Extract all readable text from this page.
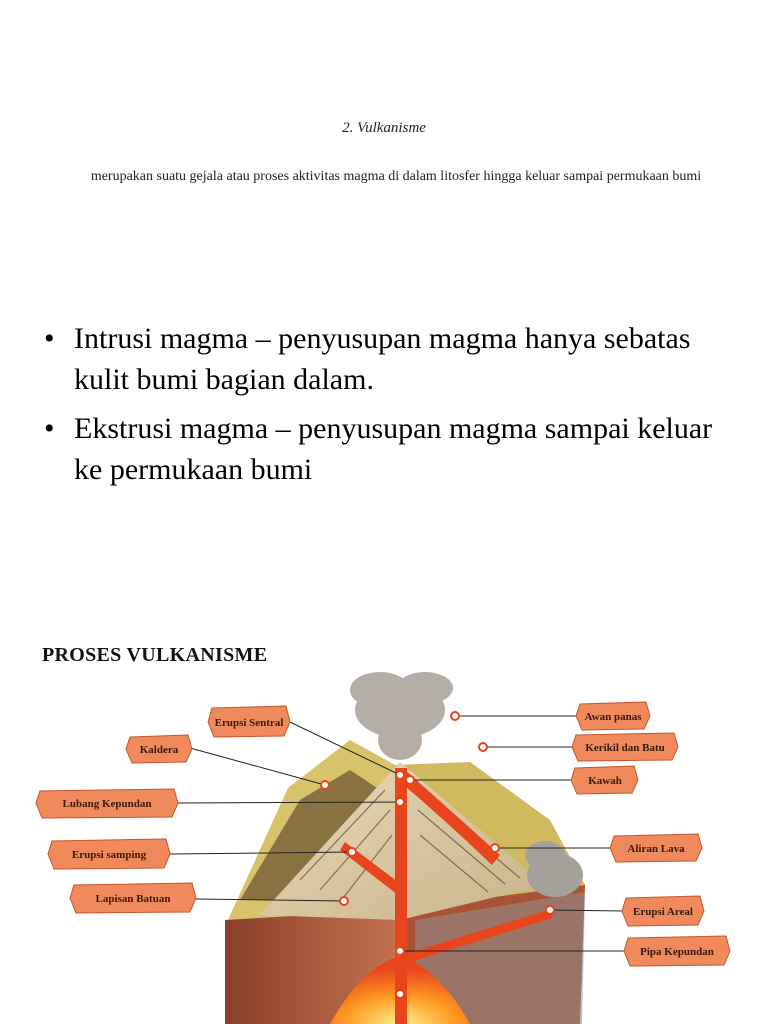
2. Vulkanisme
merupakan suatu gejala atau proses aktivitas magma di dalam litosfer hingga keluar sampai permukaan bumi
• Intrusi magma – penyusupan magma hanya sebatas kulit bumi bagian dalam.
• Ekstrusi magma – penyusupan magma sampai keluar ke permukaan bumi
PROSES VULKANISME
Erupsi Sentral
Kaldera
Lubang Kepundan
Erupsi samping
Lapisan Batuan
Awan panas
Kerikil dan Batu
Kawah
Aliran Lava
Erupsi Areal
Pipa Kepundan
